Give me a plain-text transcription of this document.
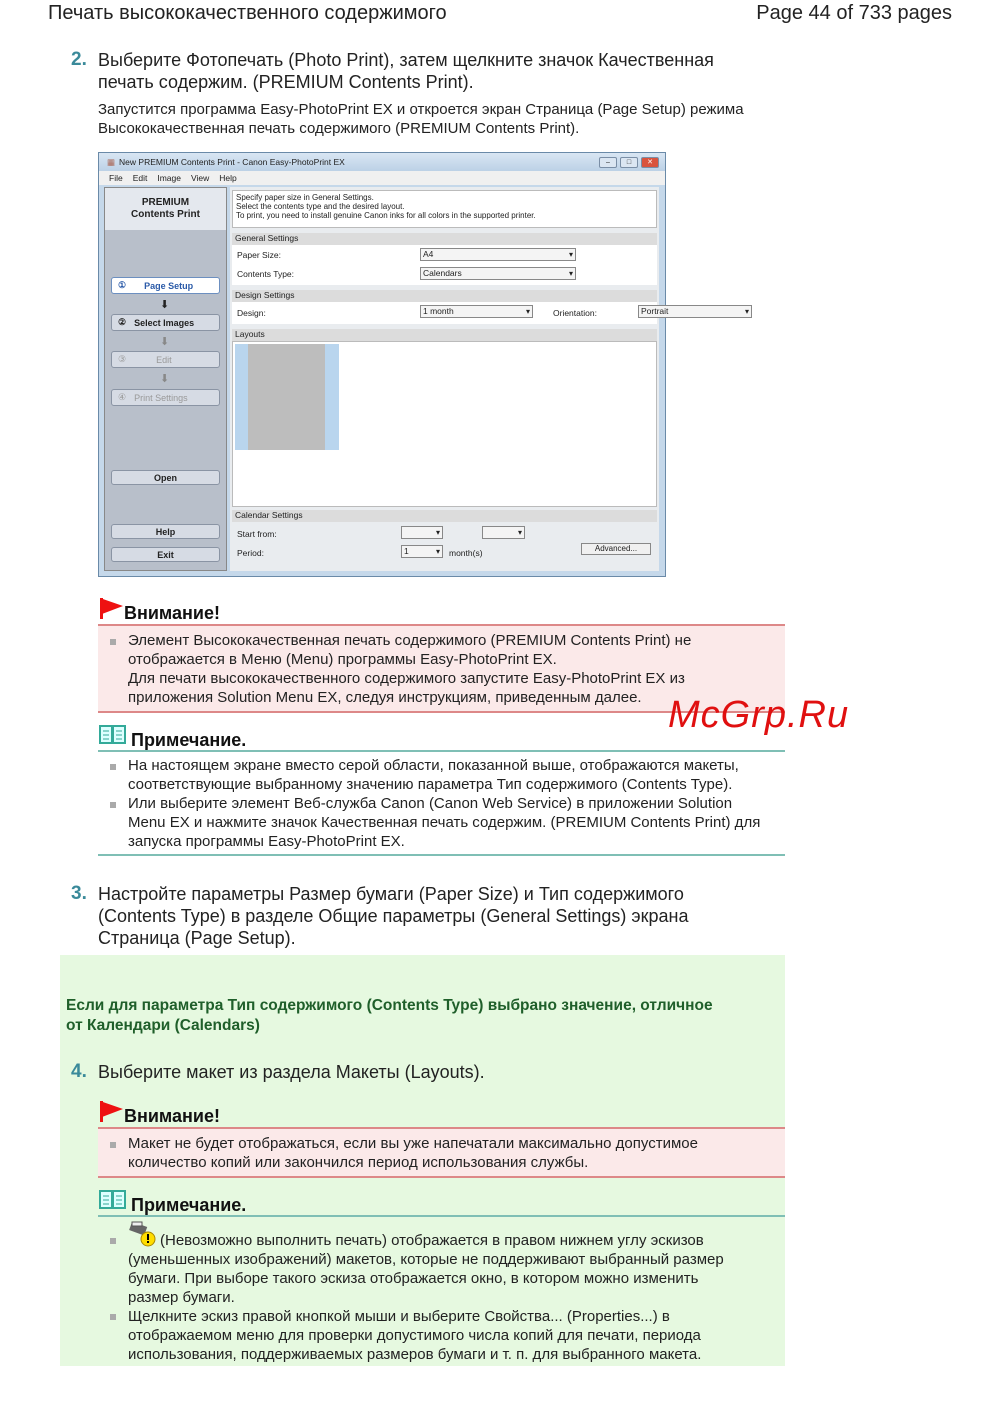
Печать высококачественного содержимого	Page 44 of 733 pages
2. Выберите Фотопечать (Photo Print), затем щелкните значок Качественная
печать содержим. (PREMIUM Contents Print).
Запустится программа Easy-PhotoPrint EX и откроется экран Страница (Page Setup) режима
Высококачественная печать содержимого (PREMIUM Contents Print).
▦ New PREMIUM Contents Print - Canon Easy-PhotoPrint EX	–	□	✕
File Edit Image View Help
PREMIUM
Contents Print
① Page Setup
⬇
② Select Images
⬇
③	Edit
⬇
④ Print Settings
Open
Help
Exit
Specify paper size in General Settings.
Select the contents type and the desired layout.
To print, you need to install genuine Canon inks for all colors in the supported printer.
General Settings
Paper Size:	A4 ▾
Contents Type:	Calendars ▾
Design Settings
Design:	1 month ▾	Orientation:	Portrait ▾
Layouts
Calendar Settings
Start from:
▾
▾
Period:	1 ▾	month(s)	Advanced...
Внимание!
Элемент Высококачественная печать содержимого (PREMIUM Contents Print) не
отображается в Меню (Menu) программы Easy-PhotoPrint EX.
Для печати высококачественного содержимого запустите Easy-PhotoPrint EX из
приложения Solution Menu EX, следуя инструкциям, приведенным далее. McGrp.Ru
Примечание.
На настоящем экране вместо серой области, показанной выше, отображаются макеты,
соответствующие выбранному значению параметра Тип содержимого (Contents Type).
Или выберите элемент Веб-служба Canon (Canon Web Service) в приложении Solution
Menu EX и нажмите значок Качественная печать содержим. (PREMIUM Contents Print) для
запуска программы Easy-PhotoPrint EX.
3. Настройте параметры Размер бумаги (Paper Size) и Тип содержимого
(Contents Type) в разделе Общие параметры (General Settings) экрана
Страница (Page Setup).
Если для параметра Тип содержимого (Contents Type) выбрано значение, отличное
от Календари (Calendars)
4. Выберите макет из раздела Макеты (Layouts).
Внимание!
Макет не будет отображаться, если вы уже напечатали максимально допустимое
количество копий или закончился период использования службы.
Примечание.
(Невозможно выполнить печать) отображается в правом нижнем углу эскизов
(уменьшенных изображений) макетов, которые не поддерживают выбранный размер
бумаги. При выборе такого эскиза отображается окно, в котором можно изменить
размер бумаги.
Щелкните эскиз правой кнопкой мыши и выберите Свойства... (Properties...) в
отображаемом меню для проверки допустимого числа копий для печати, периода
использования, поддерживаемых размеров бумаги и т. п. для выбранного макета.
